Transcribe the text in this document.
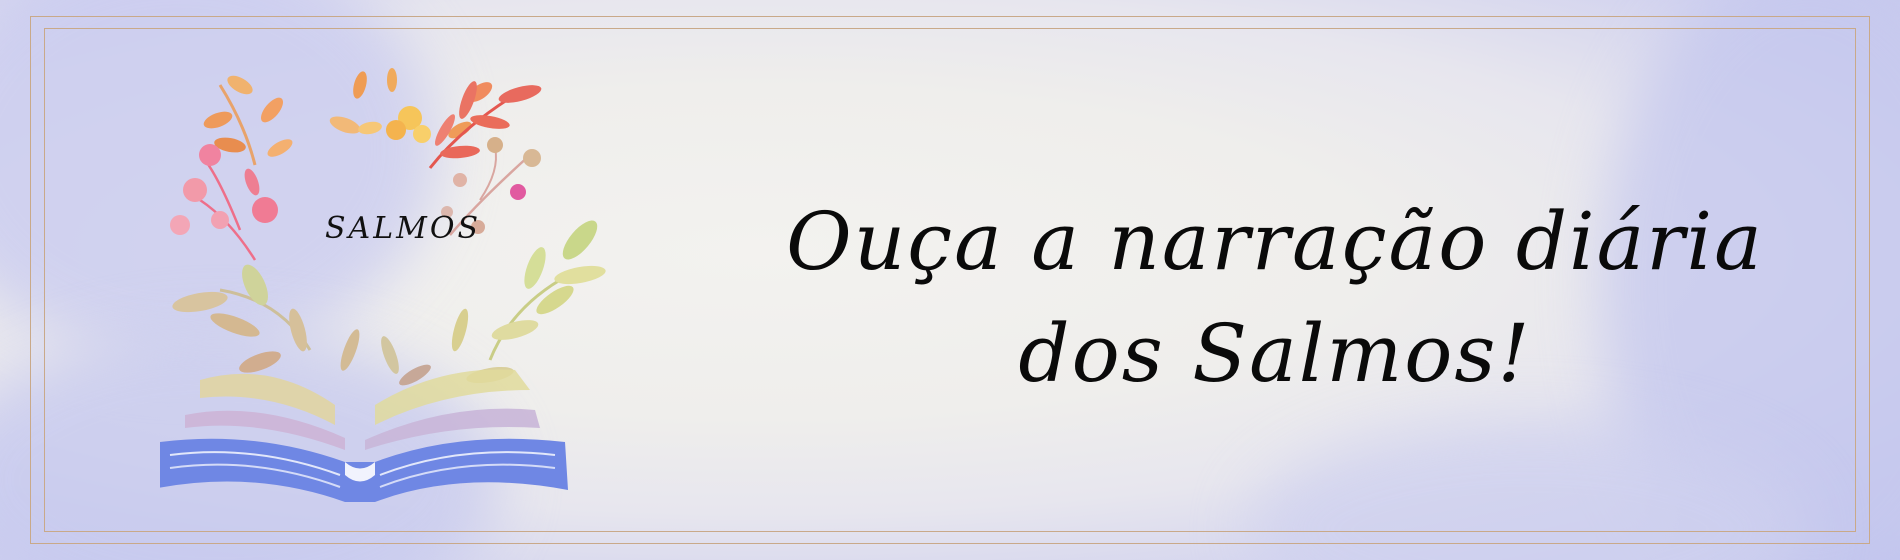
SALMOS	Ouça a narração diária
dos Salmos!
